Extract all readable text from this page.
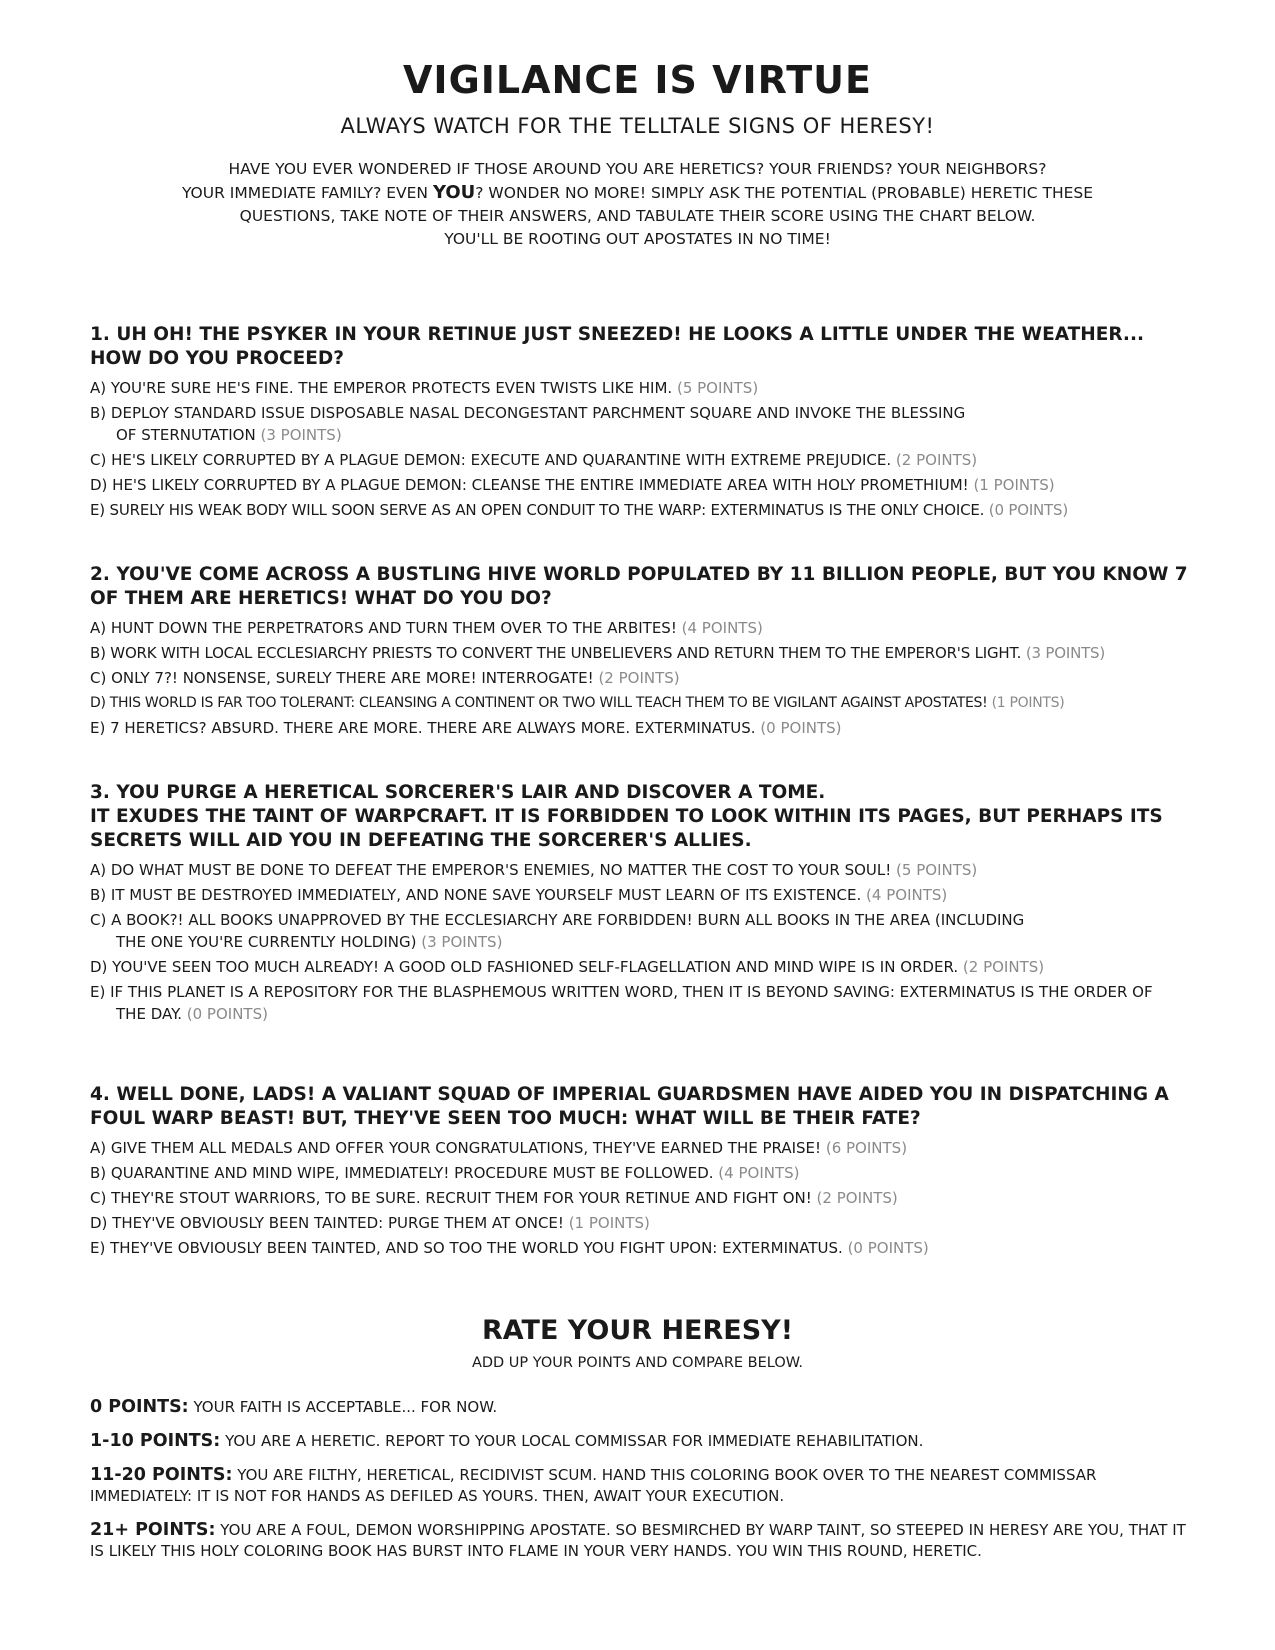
VIGILANCE IS VIRTUE
ALWAYS WATCH FOR THE TELLTALE SIGNS OF HERESY!
HAVE YOU EVER WONDERED IF THOSE AROUND YOU ARE HERETICS? YOUR FRIENDS? YOUR NEIGHBORS?
YOUR IMMEDIATE FAMILY? EVEN YOU? WONDER NO MORE! SIMPLY ASK THE POTENTIAL (PROBABLE) HERETIC THESE
QUESTIONS, TAKE NOTE OF THEIR ANSWERS, AND TABULATE THEIR SCORE USING THE CHART BELOW.
YOU'LL BE ROOTING OUT APOSTATES IN NO TIME!
1. UH OH! THE PSYKER IN YOUR RETINUE JUST SNEEZED! HE LOOKS A LITTLE UNDER THE WEATHER... HOW DO YOU PROCEED?
A) YOU'RE SURE HE'S FINE. THE EMPEROR PROTECTS EVEN TWISTS LIKE HIM. (5 POINTS)
B) DEPLOY STANDARD ISSUE DISPOSABLE NASAL DECONGESTANT PARCHMENT SQUARE AND INVOKE THE BLESSING OF STERNUTATION (3 POINTS)
C) HE'S LIKELY CORRUPTED BY A PLAGUE DEMON: EXECUTE AND QUARANTINE WITH EXTREME PREJUDICE. (2 POINTS)
D) HE'S LIKELY CORRUPTED BY A PLAGUE DEMON: CLEANSE THE ENTIRE IMMEDIATE AREA WITH HOLY PROMETHIUM! (1 POINTS)
E) SURELY HIS WEAK BODY WILL SOON SERVE AS AN OPEN CONDUIT TO THE WARP: EXTERMINATUS IS THE ONLY CHOICE. (0 POINTS)
2. YOU'VE COME ACROSS A BUSTLING HIVE WORLD POPULATED BY 11 BILLION PEOPLE, BUT YOU KNOW 7 OF THEM ARE HERETICS! WHAT DO YOU DO?
A) HUNT DOWN THE PERPETRATORS AND TURN THEM OVER TO THE ARBITES! (4 POINTS)
B) WORK WITH LOCAL ECCLESIARCHY PRIESTS TO CONVERT THE UNBELIEVERS AND RETURN THEM TO THE EMPEROR'S LIGHT. (3 POINTS)
C) ONLY 7?! NONSENSE, SURELY THERE ARE MORE! INTERROGATE! (2 POINTS)
D) THIS WORLD IS FAR TOO TOLERANT: CLEANSING A CONTINENT OR TWO WILL TEACH THEM TO BE VIGILANT AGAINST APOSTATES! (1 POINTS)
E) 7 HERETICS? ABSURD. THERE ARE MORE. THERE ARE ALWAYS MORE. EXTERMINATUS. (0 POINTS)
3. YOU PURGE A HERETICAL SORCERER'S LAIR AND DISCOVER A TOME.
IT EXUDES THE TAINT OF WARPCRAFT. IT IS FORBIDDEN TO LOOK WITHIN ITS PAGES, BUT PERHAPS ITS SECRETS WILL AID YOU IN DEFEATING THE SORCERER'S ALLIES.
A) DO WHAT MUST BE DONE TO DEFEAT THE EMPEROR'S ENEMIES, NO MATTER THE COST TO YOUR SOUL! (5 POINTS)
B) IT MUST BE DESTROYED IMMEDIATELY, AND NONE SAVE YOURSELF MUST LEARN OF ITS EXISTENCE. (4 POINTS)
C) A BOOK?! ALL BOOKS UNAPPROVED BY THE ECCLESIARCHY ARE FORBIDDEN! BURN ALL BOOKS IN THE AREA (INCLUDING THE ONE YOU'RE CURRENTLY HOLDING) (3 POINTS)
D) YOU'VE SEEN TOO MUCH ALREADY! A GOOD OLD FASHIONED SELF-FLAGELLATION AND MIND WIPE IS IN ORDER. (2 POINTS)
E) IF THIS PLANET IS A REPOSITORY FOR THE BLASPHEMOUS WRITTEN WORD, THEN IT IS BEYOND SAVING: EXTERMINATUS IS THE ORDER OF THE DAY. (0 POINTS)
4. WELL DONE, LADS! A VALIANT SQUAD OF IMPERIAL GUARDSMEN HAVE AIDED YOU IN DISPATCHING A FOUL WARP BEAST! BUT, THEY'VE SEEN TOO MUCH: WHAT WILL BE THEIR FATE?
A) GIVE THEM ALL MEDALS AND OFFER YOUR CONGRATULATIONS, THEY'VE EARNED THE PRAISE! (6 POINTS)
B) QUARANTINE AND MIND WIPE, IMMEDIATELY! PROCEDURE MUST BE FOLLOWED. (4 POINTS)
C) THEY'RE STOUT WARRIORS, TO BE SURE. RECRUIT THEM FOR YOUR RETINUE AND FIGHT ON! (2 POINTS)
D) THEY'VE OBVIOUSLY BEEN TAINTED: PURGE THEM AT ONCE! (1 POINTS)
E) THEY'VE OBVIOUSLY BEEN TAINTED, AND SO TOO THE WORLD YOU FIGHT UPON: EXTERMINATUS. (0 POINTS)
RATE YOUR HERESY!
ADD UP YOUR POINTS AND COMPARE BELOW.
0 POINTS: YOUR FAITH IS ACCEPTABLE... FOR NOW.
1-10 POINTS: YOU ARE A HERETIC. REPORT TO YOUR LOCAL COMMISSAR FOR IMMEDIATE REHABILITATION.
11-20 POINTS: YOU ARE FILTHY, HERETICAL, RECIDIVIST SCUM. HAND THIS COLORING BOOK OVER TO THE NEAREST COMMISSAR IMMEDIATELY: IT IS NOT FOR HANDS AS DEFILED AS YOURS. THEN, AWAIT YOUR EXECUTION.
21+ POINTS: YOU ARE A FOUL, DEMON WORSHIPPING APOSTATE. SO BESMIRCHED BY WARP TAINT, SO STEEPED IN HERESY ARE YOU, THAT IT IS LIKELY THIS HOLY COLORING BOOK HAS BURST INTO FLAME IN YOUR VERY HANDS. YOU WIN THIS ROUND, HERETIC.
